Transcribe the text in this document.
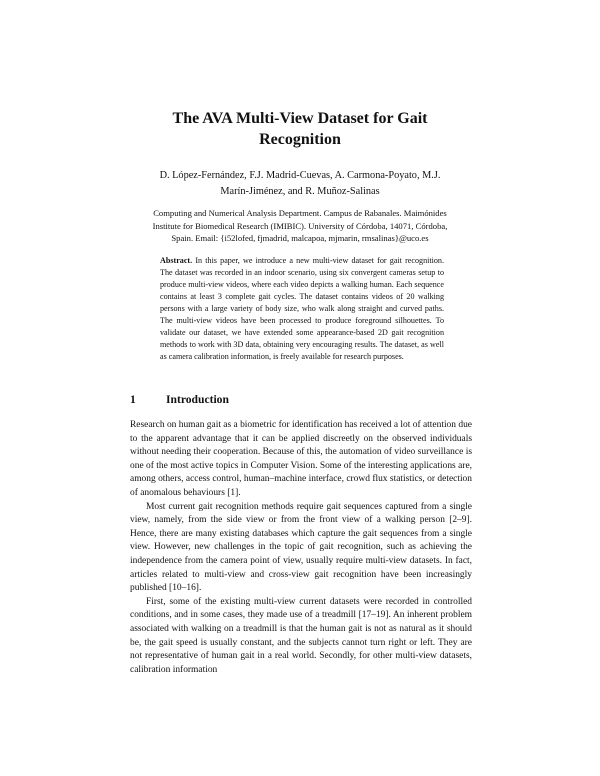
The AVA Multi-View Dataset for Gait
Recognition
D. López-Fernández, F.J. Madrid-Cuevas, A. Carmona-Poyato, M.J.
Marín-Jiménez, and R. Muñoz-Salinas
Computing and Numerical Analysis Department. Campus de Rabanales. Maimónides
Institute for Biomedical Research (IMIBIC). University of Córdoba, 14071, Córdoba,
Spain. Email: {i52lofed, fjmadrid, malcapoa, mjmarin, rmsalinas}@uco.es
Abstract. In this paper, we introduce a new multi-view dataset for gait recognition. The dataset was recorded in an indoor scenario, using six convergent cameras setup to produce multi-view videos, where each video depicts a walking human. Each sequence contains at least 3 complete gait cycles. The dataset contains videos of 20 walking persons with a large variety of body size, who walk along straight and curved paths. The multi-view videos have been processed to produce foreground silhouettes. To validate our dataset, we have extended some appearance-based 2D gait recognition methods to work with 3D data, obtaining very encouraging results. The dataset, as well as camera calibration information, is freely available for research purposes.
1	Introduction

Research on human gait as a biometric for identification has received a lot of attention due to the apparent advantage that it can be applied discreetly on the observed individuals without needing their cooperation. Because of this, the automation of video surveillance is one of the most active topics in Computer Vision. Some of the interesting applications are, among others, access control, human–machine interface, crowd flux statistics, or detection of anomalous behaviours [1].

Most current gait recognition methods require gait sequences captured from a single view, namely, from the side view or from the front view of a walking person [2–9]. Hence, there are many existing databases which capture the gait sequences from a single view. However, new challenges in the topic of gait recognition, such as achieving the independence from the camera point of view, usually require multi-view datasets. In fact, articles related to multi-view and cross-view gait recognition have been increasingly published [10–16].

First, some of the existing multi-view current datasets were recorded in controlled conditions, and in some cases, they made use of a treadmill [17–19]. An inherent problem associated with walking on a treadmill is that the human gait is not as natural as it should be, the gait speed is usually constant, and the subjects cannot turn right or left. They are not representative of human gait in a real world. Secondly, for other multi-view datasets, calibration information
